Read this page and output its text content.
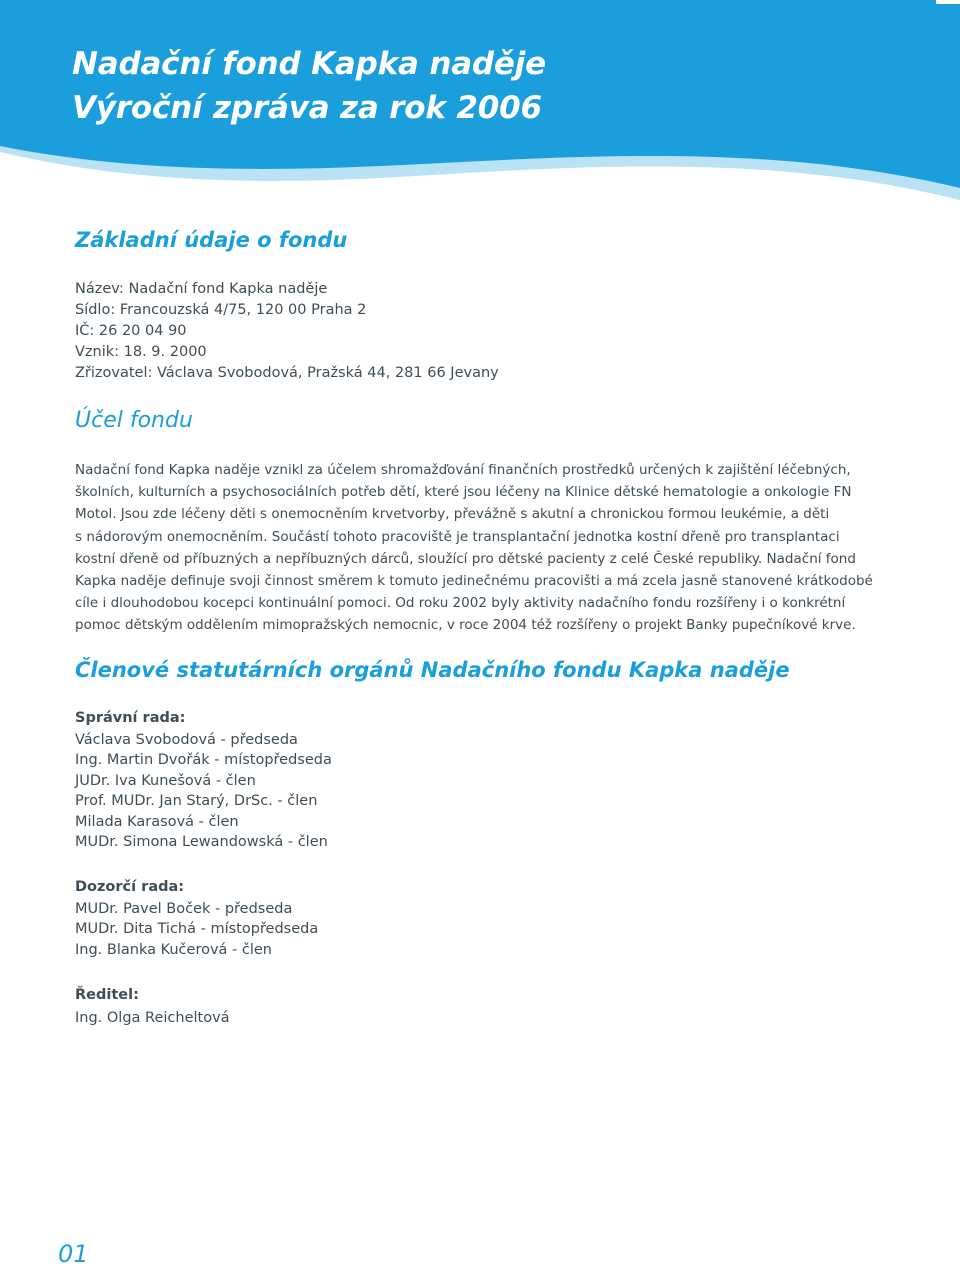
Nadační fond Kapka naděje
Výroční zpráva za rok 2006
Základní údaje o fondu
Název: Nadační fond Kapka naděje
Sídlo: Francouzská 4/75, 120 00 Praha 2
IČ: 26 20 04 90
Vznik: 18. 9. 2000
Zřizovatel: Václava Svobodová, Pražská 44, 281 66 Jevany
Účel fondu
Nadační fond Kapka naděje vznikl za účelem shromažďování finančních prostředků určených k zajištění léčebných,
školních, kulturních a psychosociálních potřeb dětí, které jsou léčeny na Klinice dětské hematologie a onkologie FN
Motol. Jsou zde léčeny děti s onemocněním krvetvorby, převážně s akutní a chronickou formou leukémie, a děti
s nádorovým onemocněním. Součástí tohoto pracoviště je transplantační jednotka kostní dřeně pro transplantaci
kostní dřeně od příbuzných a nepříbuzných dárců, sloužící pro dětské pacienty z celé České republiky. Nadační fond
Kapka naděje definuje svoji činnost směrem k tomuto jedinečnému pracovišti a má zcela jasně stanovené krátkodobé
cíle i dlouhodobou kocepci kontinuální pomoci. Od roku 2002 byly aktivity nadačního fondu rozšířeny i o konkrétní
pomoc dětským oddělením mimopražských nemocnic, v roce 2004 též rozšířeny o projekt Banky pupečníkové krve.
Členové statutárních orgánů Nadačního fondu Kapka naděje
Správní rada:
Václava Svobodová - předseda
Ing. Martin Dvořák - místopředseda
JUDr. Iva Kunešová - člen
Prof. MUDr. Jan Starý, DrSc. - člen
Milada Karasová - člen
MUDr. Simona Lewandowská - člen
Dozorčí rada:
MUDr. Pavel Boček - předseda
MUDr. Dita Tichá - místopředseda
Ing. Blanka Kučerová - člen
Ředitel:
Ing. Olga Reicheltová
01
